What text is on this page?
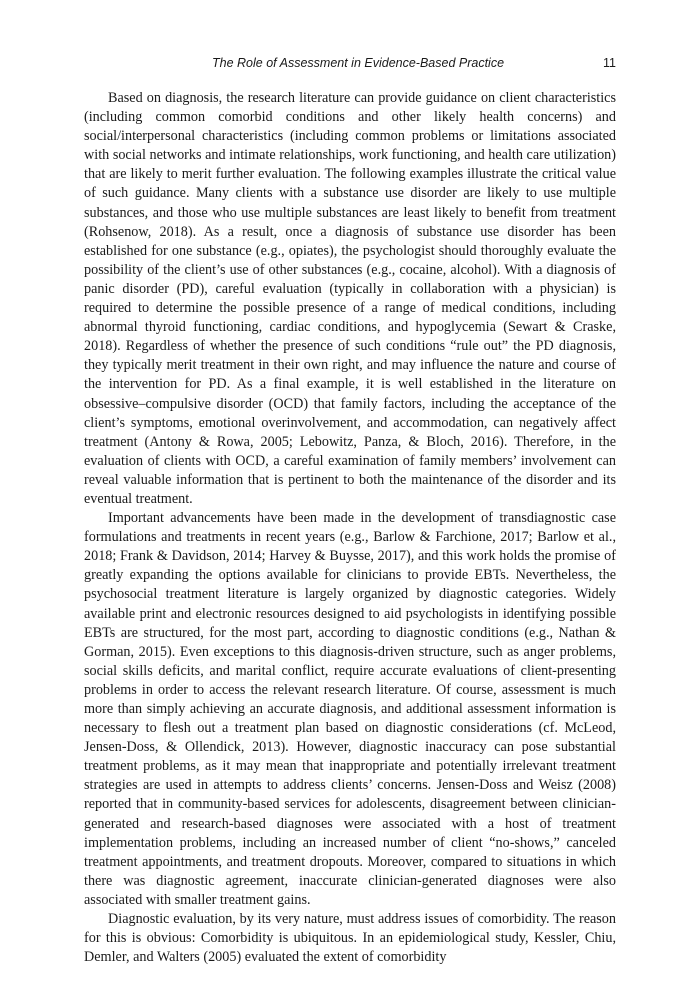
The Role of Assessment in Evidence-Based Practice	11

Based on diagnosis, the research literature can provide guidance on client characteristics (including common comorbid conditions and other likely health concerns) and social/interpersonal characteristics (including common problems or limitations associated with social networks and intimate relationships, work functioning, and health care utilization) that are likely to merit further evaluation. The following examples illustrate the critical value of such guidance. Many clients with a substance use disorder are likely to use multiple substances, and those who use multiple substances are least likely to benefit from treatment (Rohsenow, 2018). As a result, once a diagnosis of substance use disorder has been established for one substance (e.g., opiates), the psychologist should thoroughly evaluate the possibility of the client’s use of other substances (e.g., cocaine, alcohol). With a diagnosis of panic disorder (PD), careful evaluation (typically in collaboration with a physician) is required to determine the possible presence of a range of medical conditions, including abnormal thyroid functioning, cardiac conditions, and hypoglycemia (Sewart & Craske, 2018). Regardless of whether the presence of such conditions “rule out” the PD diagnosis, they typically merit treatment in their own right, and may influence the nature and course of the intervention for PD. As a final example, it is well established in the literature on obsessive–compulsive disorder (OCD) that family factors, including the acceptance of the client’s symptoms, emotional overinvolvement, and accommodation, can negatively affect treatment (Antony & Rowa, 2005; Lebowitz, Panza, & Bloch, 2016). Therefore, in the evaluation of clients with OCD, a careful examination of family members’ involvement can reveal valuable information that is pertinent to both the maintenance of the disorder and its eventual treatment.

Important advancements have been made in the development of transdiagnostic case formulations and treatments in recent years (e.g., Barlow & Farchione, 2017; Barlow et al., 2018; Frank & Davidson, 2014; Harvey & Buysse, 2017), and this work holds the promise of greatly expanding the options available for clinicians to provide EBTs. Nevertheless, the psychosocial treatment literature is largely organized by diagnostic categories. Widely available print and electronic resources designed to aid psychologists in identifying possible EBTs are structured, for the most part, according to diagnostic conditions (e.g., Nathan & Gorman, 2015). Even exceptions to this diagnosis-driven structure, such as anger problems, social skills deficits, and marital conflict, require accurate evaluations of client-presenting problems in order to access the relevant research literature. Of course, assessment is much more than simply achieving an accurate diagnosis, and additional assessment information is necessary to flesh out a treatment plan based on diagnostic considerations (cf. McLeod, Jensen-Doss, & Ollendick, 2013). However, diagnostic inaccuracy can pose substantial treatment problems, as it may mean that inappropriate and potentially irrelevant treatment strategies are used in attempts to address clients’ concerns. Jensen-Doss and Weisz (2008) reported that in community-based services for adolescents, disagreement between clinician-generated and research-based diagnoses were associated with a host of treatment implementation problems, including an increased number of client “no-shows,” canceled treatment appointments, and treatment dropouts. Moreover, compared to situations in which there was diagnostic agreement, inaccurate clinician-generated diagnoses were also associated with smaller treatment gains.

Diagnostic evaluation, by its very nature, must address issues of comorbidity. The reason for this is obvious: Comorbidity is ubiquitous. In an epidemiological study, Kessler, Chiu, Demler, and Walters (2005) evaluated the extent of comorbidity
